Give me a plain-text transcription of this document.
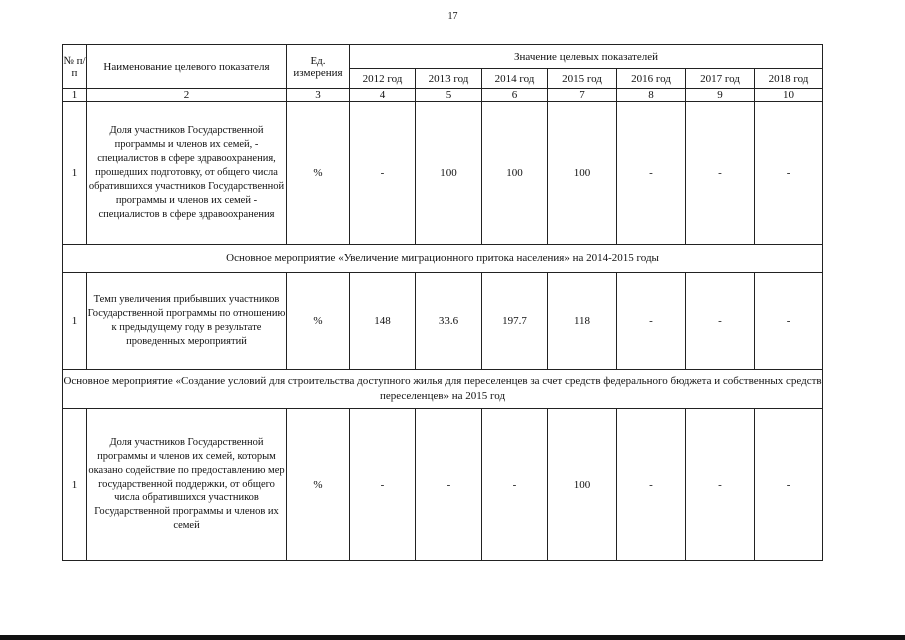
17
№ п/п	Наименование целевого показателя	Ед. измерения	Значение целевых показателей						
			2012 год	2013 год	2014 год	2015 год	2016 год	2017 год	2018 год
1	2	3	4	5	6	7	8	9	10
1	Доля участников Государственной программы и членов их семей, - специалистов в сфере здравоохранения, прошедших подготовку, от общего числа обратившихся участников Государственной программы и членов их семей - специалистов в сфере здравоохранения	%	-	100	100	100	-	-	-
Основное мероприятие «Увеличение миграционного притока населения» на 2014-2015 годы									
1	Темп увеличения прибывших участников Государственной программы по отношению к предыдущему году в результате проведенных мероприятий	%	148	33.6	197.7	118	-	-	-
Основное мероприятие «Создание условий для строительства доступного жилья для переселенцев за счет средств федерального бюджета и собственных средств переселенцев» на 2015 год									
1	Доля участников Государственной программы и членов их семей, которым оказано содействие по предоставлению мер государственной поддержки, от общего числа обратившихся участников Государственной программы и членов их семей	%	-	-	-	100	-	-	-
